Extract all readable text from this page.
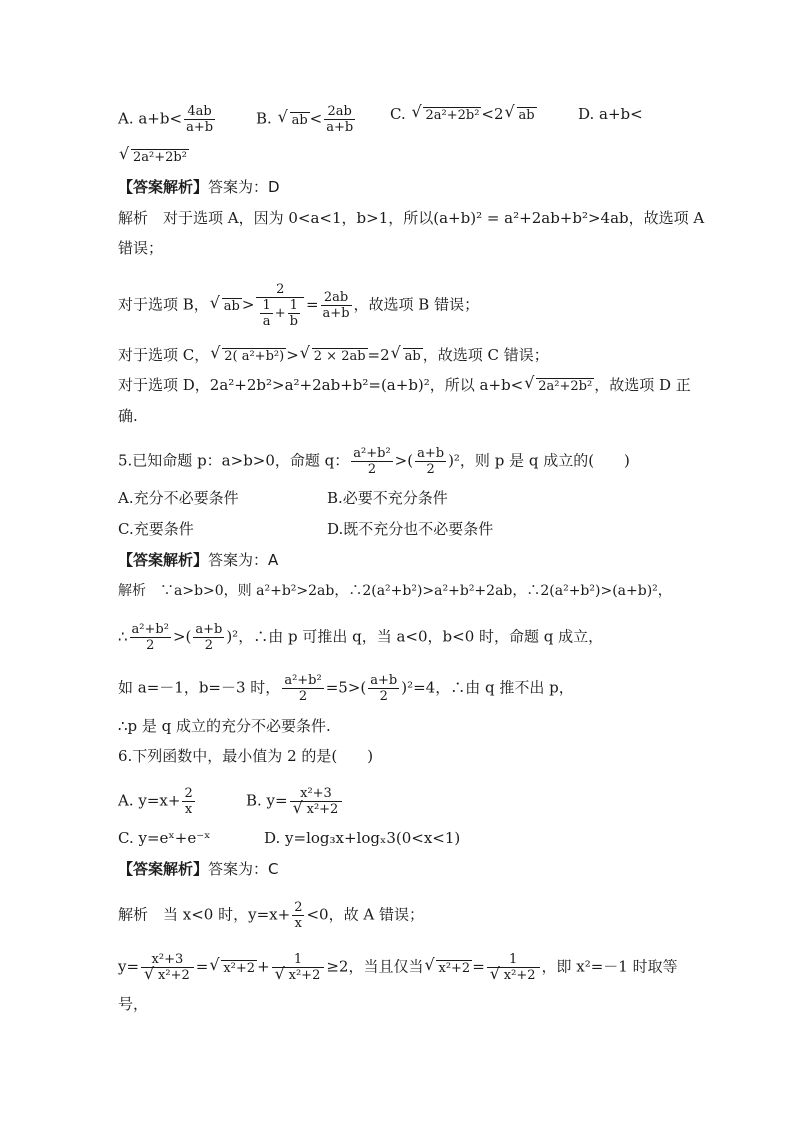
A. $a+b< \frac{4ab}{a+b}$	B. √ ab < $\frac{2ab}{a+b} C$. √ 2a²+2b² <2 √ ab	D. a+b<
√ 2a²+2b²
【答案解析】答案为：D
解析　对于选项 A，因为 0<a<1，b>1，所以(a+b)² = a²+2ab+b²>4ab，故选项 A
错误；
对于选项 B， √ ab > $\frac{2}{\frac{1}{a} + \frac{1}{b}} = \frac{2ab}{a+b}$ ，故选项 B 错误；
对于选项 C， √ 2( a²+b²) > √ 2 × 2ab =2 √ ab ，故选项 C 错误；
对于选项 D，2a²+2b²>a²+2ab+b²=(a+b)²，所以 a+b< √ 2a²+2b² ，故选项 D 正
确.
5.已知命题 p：a>b>0，命题 q： $\frac{\text{a²+b²}}{2}$ >( $\frac{a+b}{2} )^2$，则 p 是 q 成立的(　　)
A.充分不必要条件	B.必要不充分条件
C.充要条件	D.既不充分也不必要条件
【答案解析】答案为：A
解析　∵a>b>0，则 a²+b²>2ab，∴2(a²+b²)>a²+b²+2ab，∴2(a²+b²)>(a+b)²，
∴ $\frac{\text{a²+b²}}{2}$ >( $\frac{a+b}{2} )^2$，∴由 p 可推出 q，当 a<0，b<0 时，命题 q 成立，
如 a=－1，b=－3 时， $\frac{\text{a²+b²}}{2} =5>( \frac{a+b}{2} )^2=4$，∴由 q 推不出 p，
∴p 是 q 成立的充分不必要条件.
6.下列函数中，最小值为 2 的是(　　)
A. $y=x+ \frac{2}{x}$	B. y= x²+3
√ x²+2
C. y=eˣ+e⁻ˣ	D. y=log₃x+logₓ3(0<x<1)
【答案解析】答案为：C
解析　当 x<0 时，$y=x+ \frac{2}{x} <0$，故 A 错误；
y= x²+3
√ x²+2 = √ x²+2 + 1
√ x²+2 ≥2，当且仅当 √ x²+2 = 1
√ x²+2 ，即 x²=－1 时取等
号，
